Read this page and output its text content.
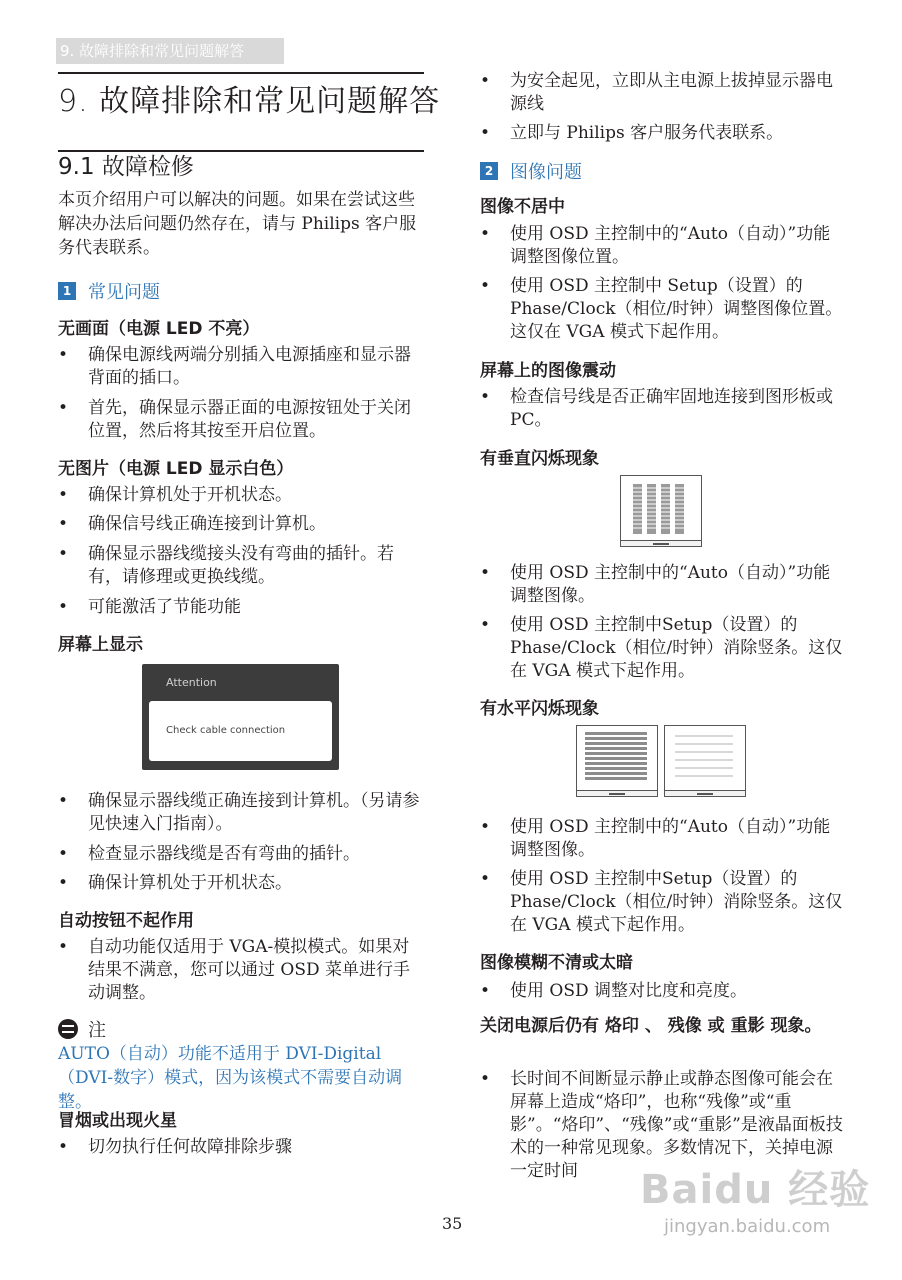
9. 故障排除和常见问题解答
9. 故障排除和常见问题解答
9.1 故障检修
本页介绍用户可以解决的问题。如果在尝试这些解决办法后问题仍然存在，请与 Philips 客户服务代表联系。
1 常见问题
无画面（电源 LED 不亮）
• 确保电源线两端分别插入电源插座和显示器背面的插口。
• 首先，确保显示器正面的电源按钮处于关闭位置，然后将其按至开启位置。
无图片（电源 LED 显示白色）
• 确保计算机处于开机状态。
• 确保信号线正确连接到计算机。
• 确保显示器线缆接头没有弯曲的插针。若有，请修理或更换线缆。
• 可能激活了节能功能
屏幕上显示
Attention
Check cable connection
• 确保显示器线缆正确连接到计算机。（另请参见快速入门指南）。
• 检查显示器线缆是否有弯曲的插针。
• 确保计算机处于开机状态。
自动按钮不起作用
• 自动功能仅适用于 VGA-模拟模式。如果对结果不满意，您可以通过 OSD 菜单进行手动调整。
注
AUTO（自动）功能不适用于 DVI-Digital（DVI-数字）模式，因为该模式不需要自动调整。
冒烟或出现火星
• 切勿执行任何故障排除步骤
• 为安全起见，立即从主电源上拔掉显示器电源线
• 立即与 Philips 客户服务代表联系。
2 图像问题
图像不居中
• 使用 OSD 主控制中的“Auto（自动）”功能调整图像位置。
• 使用 OSD 主控制中 Setup（设置）的 Phase/Clock（相位/时钟）调整图像位置。这仅在 VGA 模式下起作用。
屏幕上的图像震动
• 检查信号线是否正确牢固地连接到图形板或 PC。
有垂直闪烁现象
• 使用 OSD 主控制中的“Auto（自动）”功能调整图像。
• 使用 OSD 主控制中Setup（设置）的 Phase/Clock（相位/时钟）消除竖条。这仅在 VGA 模式下起作用。
有水平闪烁现象
• 使用 OSD 主控制中的“Auto（自动）”功能调整图像。
• 使用 OSD 主控制中Setup（设置）的 Phase/Clock（相位/时钟）消除竖条。这仅在 VGA 模式下起作用。
图像模糊不清或太暗
• 使用 OSD 调整对比度和亮度。
关闭电源后仍有 烙印 、 残像 或 重影 现象。
• 长时间不间断显示静止或静态图像可能会在屏幕上造成“烙印”，也称“残像”或“重影”。“烙印”、“残像”或“重影”是液晶面板技术的一种常见现象。多数情况下，关掉电源一定时间
35
Baidu 经验
jingyan.baidu.com
